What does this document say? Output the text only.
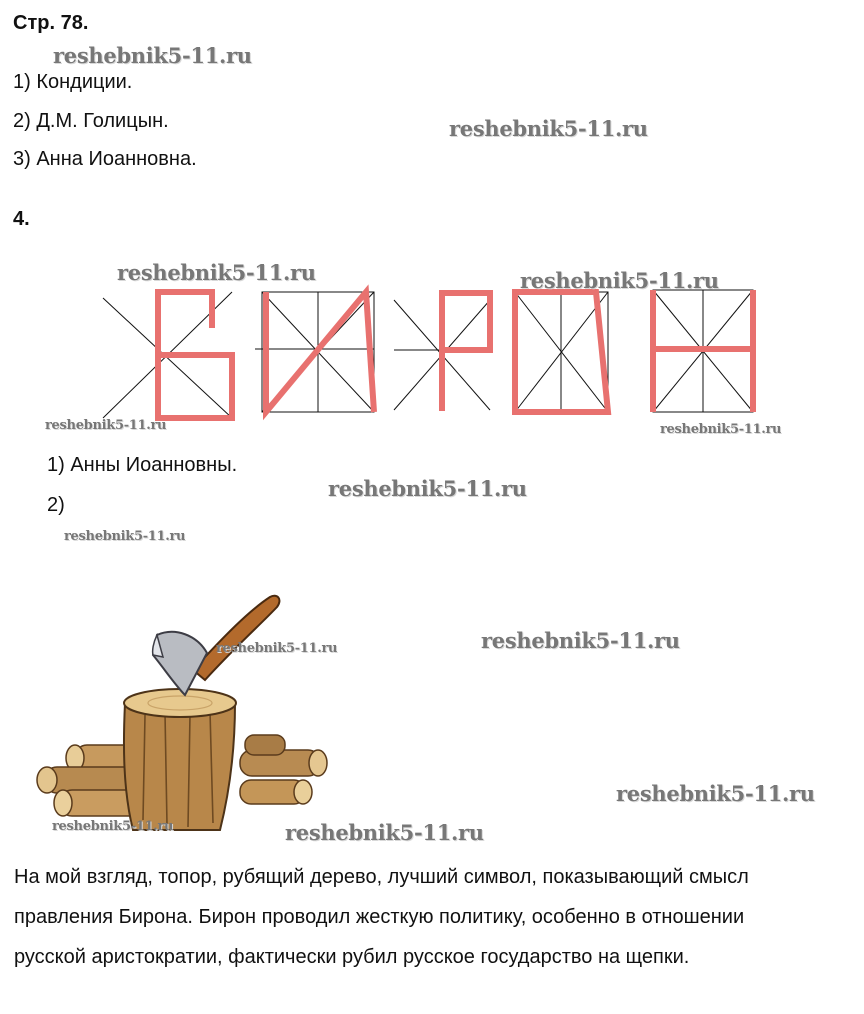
Стр. 78.
1) Кондиции.
2) Д.М. Голицын.
3) Анна Иоанновна.
4.
1) Анны Иоанновны.
2)
На мой взгляд, топор, рубящий дерево, лучший символ, показывающий смысл
правления Бирона. Бирон проводил жесткую политику, особенно в отношении
русской аристократии, фактически рубил русское государство на щепки.
reshebnik5-11.ru
reshebnik5-11.ru
reshebnik5-11.ru	reshebnik5-11.ru
reshebnik5-11.ru	reshebnik5-11.ru
reshebnik5-11.ru
reshebnik5-11.ru
reshebnik5-11.ru
reshebnik5-11.ru
reshebnik5-11.ru
reshebnik5-11.ru	reshebnik5-11.ru
